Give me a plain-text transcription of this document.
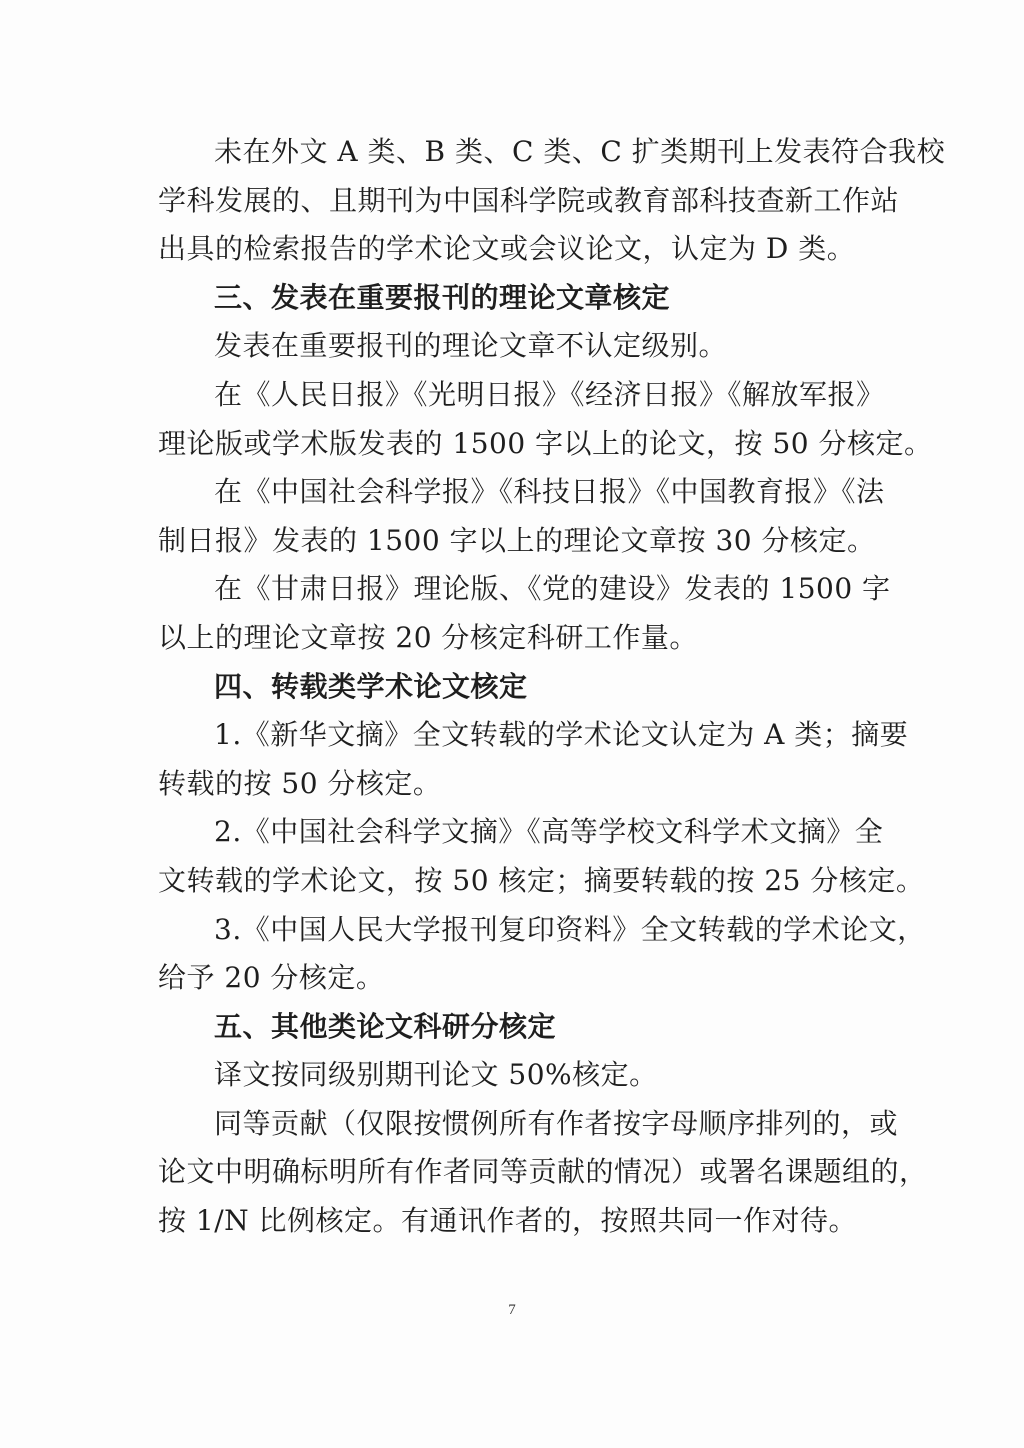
未在外文 A 类、B 类、C 类、C 扩类期刊上发表符合我校
学科发展的、且期刊为中国科学院或教育部科技查新工作站
出具的检索报告的学术论文或会议论文，认定为 D 类。
三、发表在重要报刊的理论文章核定
发表在重要报刊的理论文章不认定级别。
在《人民日报》《光明日报》《经济日报》《解放军报》
理论版或学术版发表的 1500 字以上的论文，按 50 分核定。
在《中国社会科学报》《科技日报》《中国教育报》《法
制日报》发表的 1500 字以上的理论文章按 30 分核定。
在《甘肃日报》理论版、《党的建设》发表的 1500 字
以上的理论文章按 20 分核定科研工作量。
四、转载类学术论文核定
1.《新华文摘》全文转载的学术论文认定为 A 类；摘要
转载的按 50 分核定。
2.《中国社会科学文摘》《高等学校文科学术文摘》全
文转载的学术论文，按 50 核定；摘要转载的按 25 分核定。
3.《中国人民大学报刊复印资料》全文转载的学术论文，
给予 20 分核定。
五、其他类论文科研分核定
译文按同级别期刊论文 50%核定。
同等贡献（仅限按惯例所有作者按字母顺序排列的，或
论文中明确标明所有作者同等贡献的情况）或署名课题组的，
按 1/N 比例核定。有通讯作者的，按照共同一作对待。
7
